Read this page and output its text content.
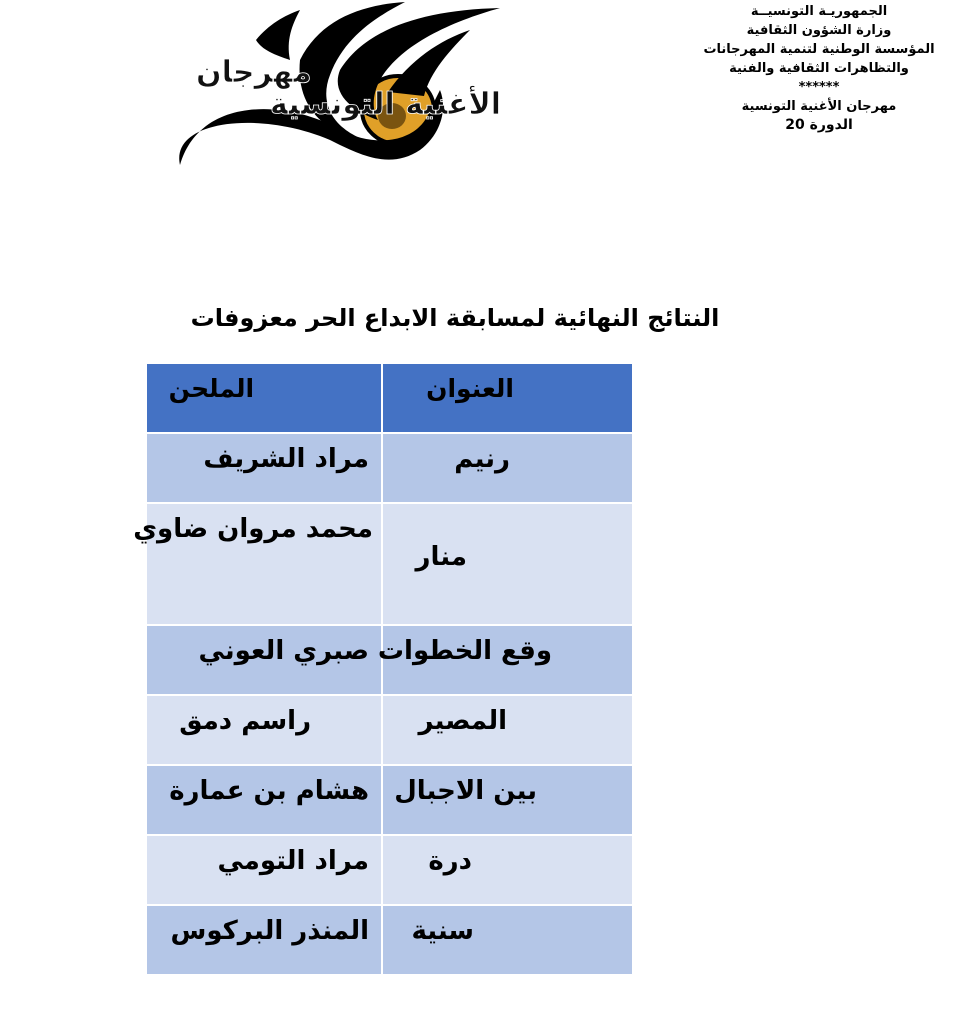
مهرجان
الأغنية التونسية
الجمهوريـة التونسيــة
وزارة الشؤون الثقافية
المؤسسة الوطنية لتنمية المهرجانات
والتظاهرات الثقافية والفنية
******
مهرجان الأغنية التونسية
الدورة 20
النتائج النهائية لمسابقة الابداع الحر معزوفات
العنوان	الملحن

رنيم	مراد الشريف

منار	محمد مروان ضاوي

وقع الخطوات	صبري العوني

المصير	راسم دمق

بين الاجبال	هشام بن عمارة

درة	مراد التومي

سنية	المنذر البركوس
